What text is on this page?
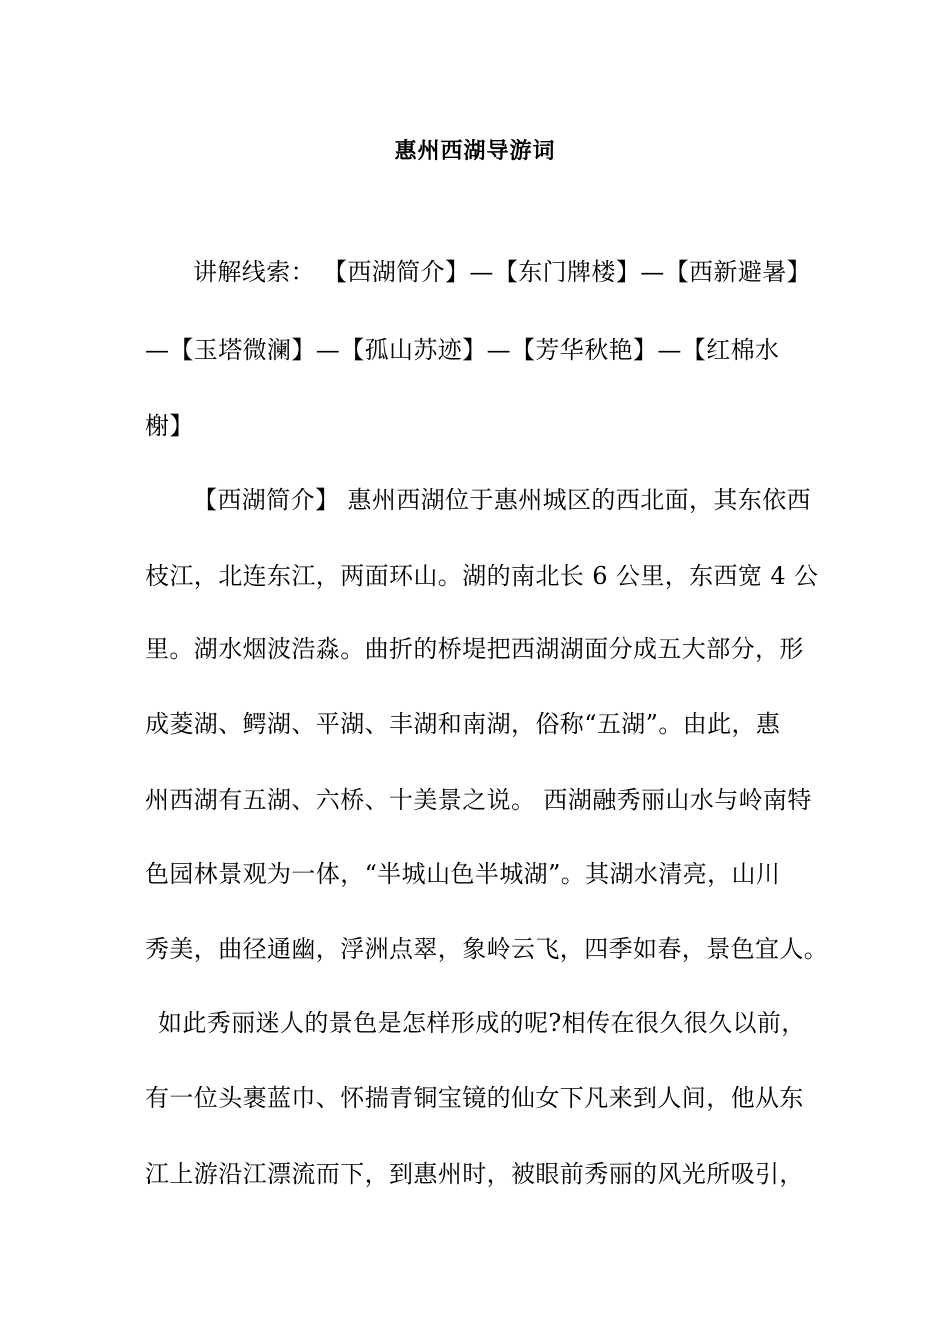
惠州西湖导游词
讲解线索： 【西湖简介】—【东门牌楼】—【西新避暑】
—【玉塔微澜】—【孤山苏迹】—【芳华秋艳】—【红棉水
榭】
【西湖简介】 惠州西湖位于惠州城区的西北面，其东依西
枝江，北连东江，两面环山。湖的南北长 6 公里，东西宽 4 公
里。湖水烟波浩淼。曲折的桥堤把西湖湖面分成五大部分，形
成菱湖、鳄湖、平湖、丰湖和南湖，俗称“五湖”。由此，惠
州西湖有五湖、六桥、十美景之说。 西湖融秀丽山水与岭南特
色园林景观为一体，“半城山色半城湖”。其湖水清亮，山川
秀美，曲径通幽，浮洲点翠，象岭云飞，四季如春，景色宜人。
如此秀丽迷人的景色是怎样形成的呢?相传在很久很久以前，
有一位头裹蓝巾、怀揣青铜宝镜的仙女下凡来到人间，他从东
江上游沿江漂流而下，到惠州时，被眼前秀丽的风光所吸引，
